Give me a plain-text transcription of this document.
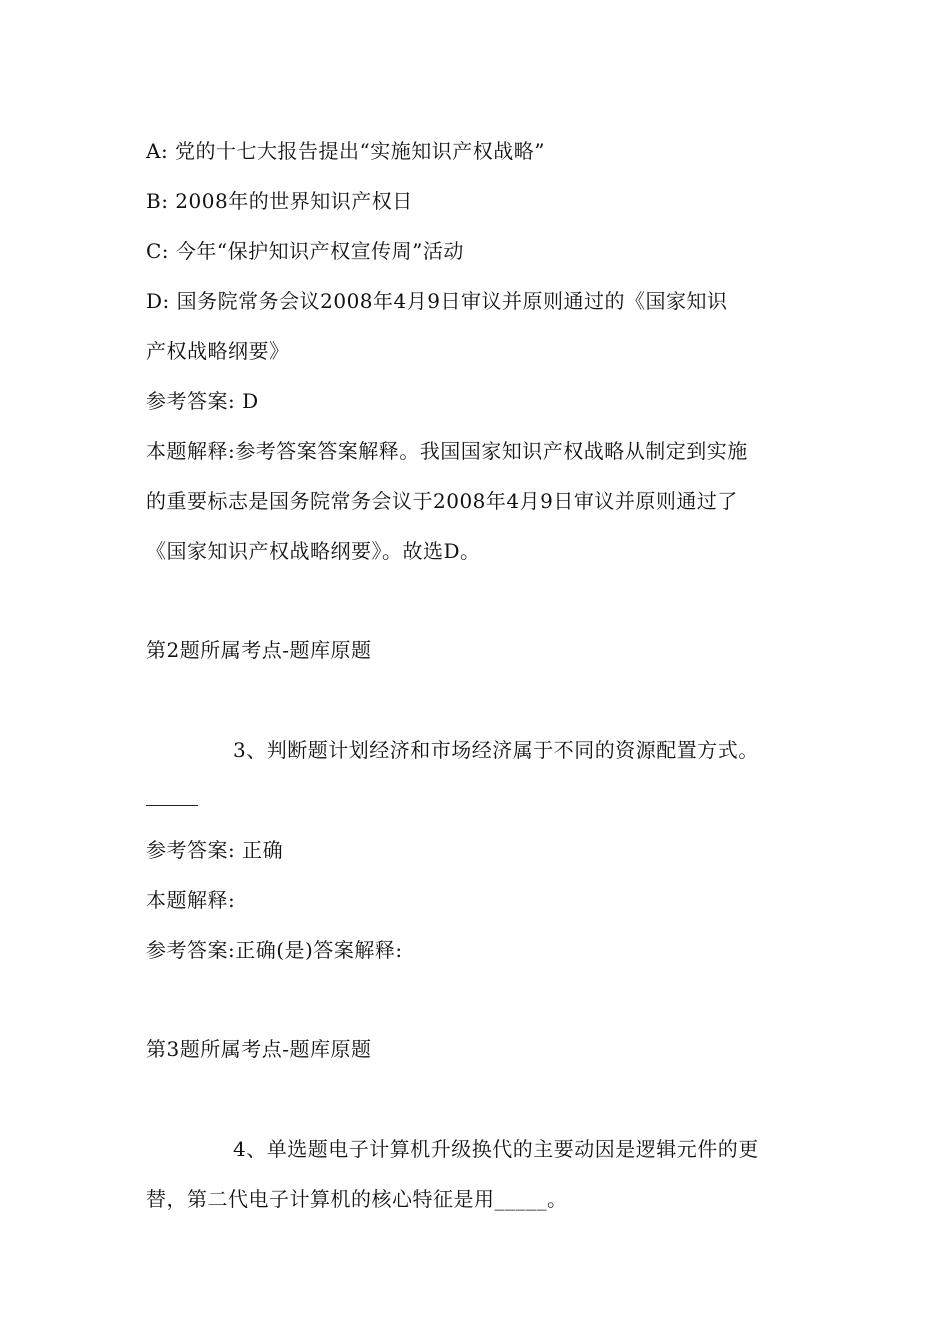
A: 党的十七大报告提出“实施知识产权战略”
B: 2008年的世界知识产权日
C: 今年“保护知识产权宣传周”活动
D: 国务院常务会议2008年4月9日审议并原则通过的《国家知识
产权战略纲要》
参考答案: D
本题解释:参考答案答案解释。我国国家知识产权战略从制定到实施
的重要标志是国务院常务会议于2008年4月9日审议并原则通过了
《国家知识产权战略纲要》。故选D。
第2题所属考点-题库原题
3、判断题计划经济和市场经济属于不同的资源配置方式。
参考答案: 正确
本题解释:
参考答案:正确(是)答案解释:
第3题所属考点-题库原题
4、单选题电子计算机升级换代的主要动因是逻辑元件的更
替，第二代电子计算机的核心特征是用_____。
